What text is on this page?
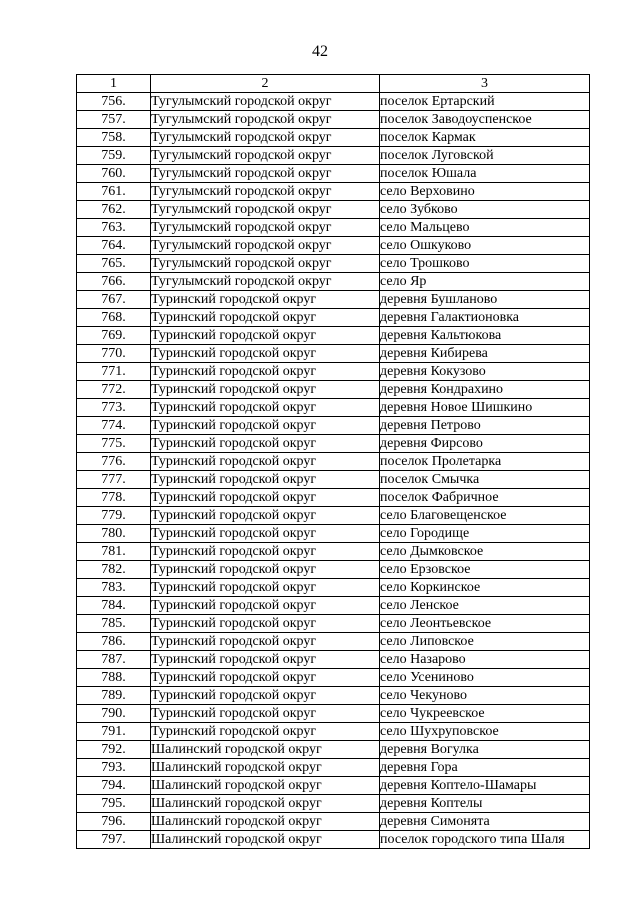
42
1	2	3
756.	Тугулымский городской округ	поселок Ертарский
757.	Тугулымский городской округ	поселок Заводоуспенское
758.	Тугулымский городской округ	поселок Кармак
759.	Тугулымский городской округ	поселок Луговской
760.	Тугулымский городской округ	поселок Юшала
761.	Тугулымский городской округ	село Верховино
762.	Тугулымский городской округ	село Зубково
763.	Тугулымский городской округ	село Мальцево
764.	Тугулымский городской округ	село Ошкуково
765.	Тугулымский городской округ	село Трошково
766.	Тугулымский городской округ	село Яр
767.	Туринский городской округ	деревня Бушланово
768.	Туринский городской округ	деревня Галактионовка
769.	Туринский городской округ	деревня Кальтюкова
770.	Туринский городской округ	деревня Кибирева
771.	Туринский городской округ	деревня Кокузово
772.	Туринский городской округ	деревня Кондрахино
773.	Туринский городской округ	деревня Новое Шишкино
774.	Туринский городской округ	деревня Петрово
775.	Туринский городской округ	деревня Фирсово
776.	Туринский городской округ	поселок Пролетарка
777.	Туринский городской округ	поселок Смычка
778.	Туринский городской округ	поселок Фабричное
779.	Туринский городской округ	село Благовещенское
780.	Туринский городской округ	село Городище
781.	Туринский городской округ	село Дымковское
782.	Туринский городской округ	село Ерзовское
783.	Туринский городской округ	село Коркинское
784.	Туринский городской округ	село Ленское
785.	Туринский городской округ	село Леонтьевское
786.	Туринский городской округ	село Липовское
787.	Туринский городской округ	село Назарово
788.	Туринский городской округ	село Усениново
789.	Туринский городской округ	село Чекуново
790.	Туринский городской округ	село Чукреевское
791.	Туринский городской округ	село Шухруповское
792.	Шалинский городской округ	деревня Вогулка
793.	Шалинский городской округ	деревня Гора
794.	Шалинский городской округ	деревня Коптело-Шамары
795.	Шалинский городской округ	деревня Коптелы
796.	Шалинский городской округ	деревня Симонята
797.	Шалинский городской округ	поселок городского типа Шаля
